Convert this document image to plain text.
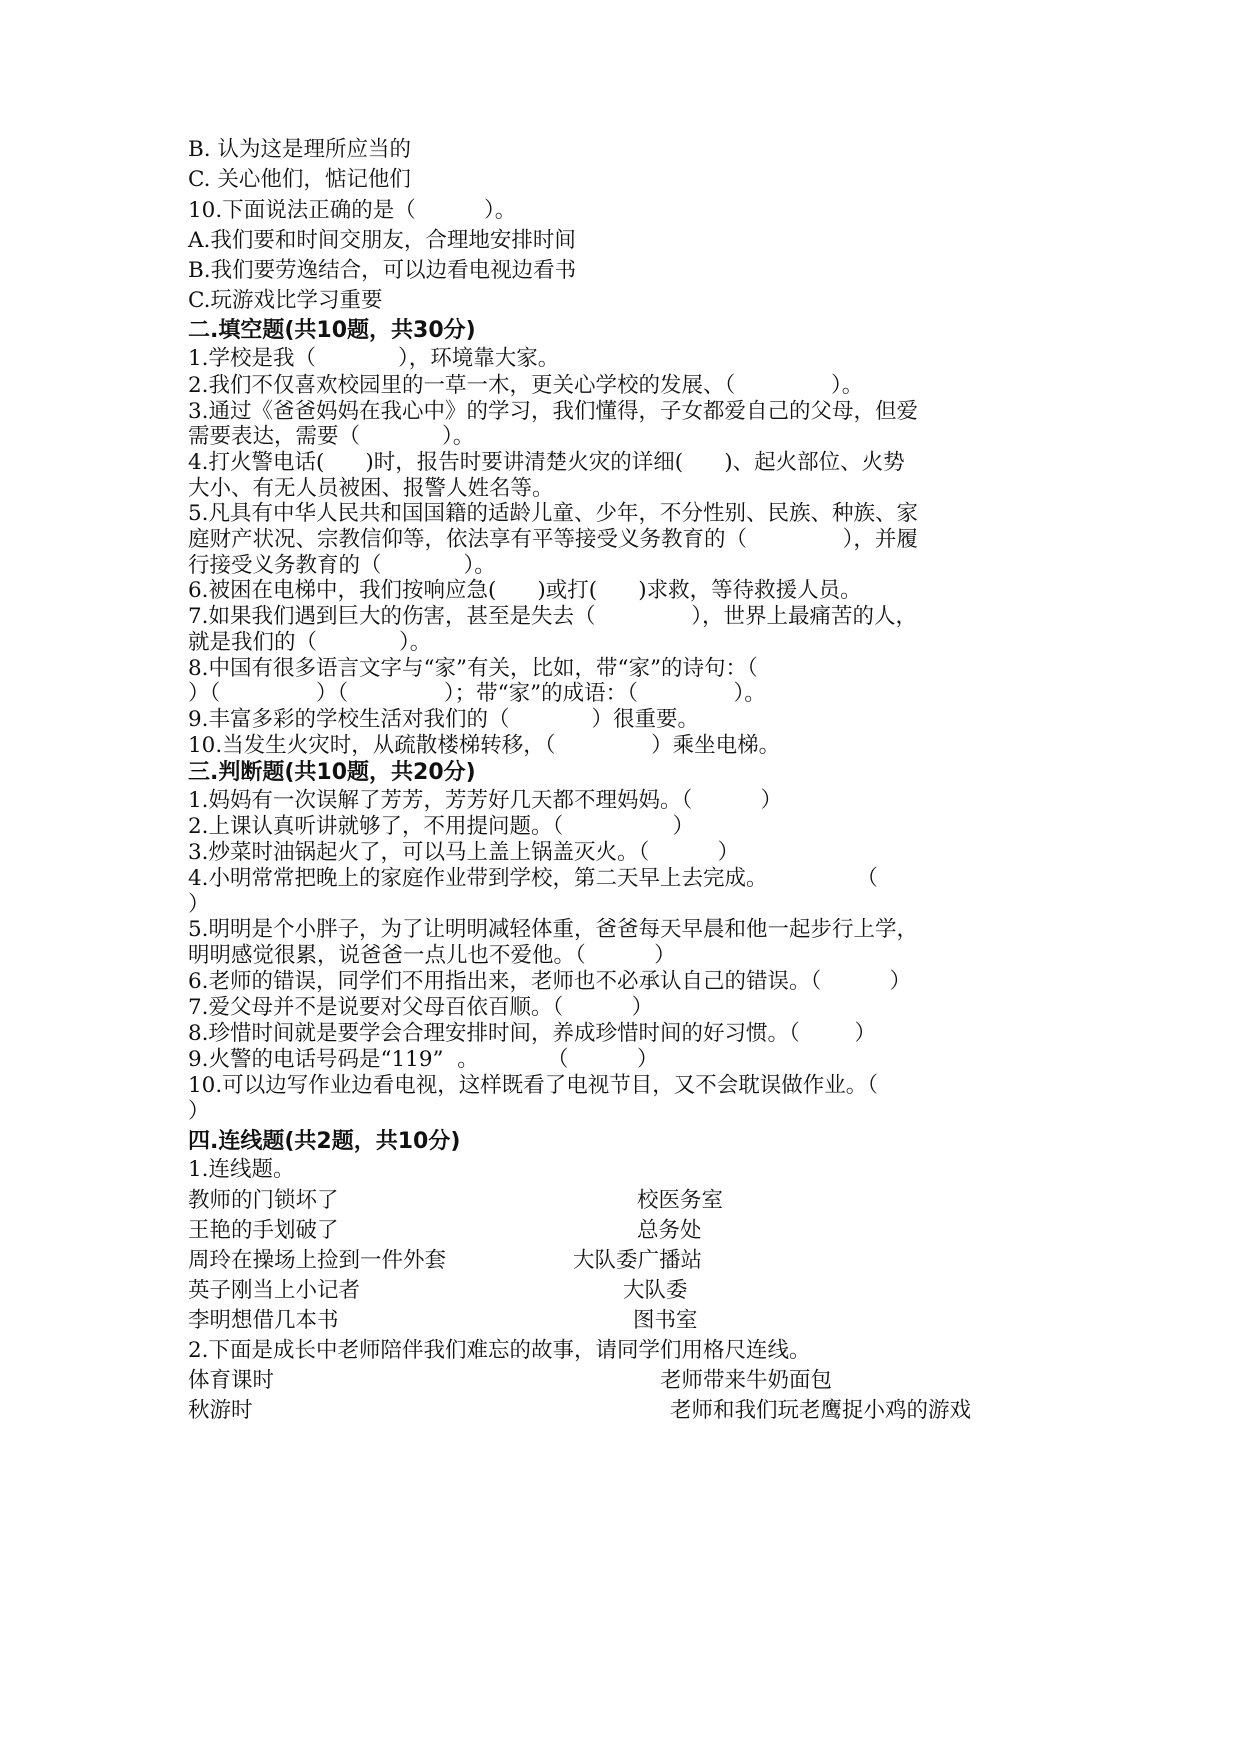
B. 认为这是理所应当的
C. 关心他们，惦记他们
10.下面说法正确的是（          ）。
A.我们要和时间交朋友，合理地安排时间
B.我们要劳逸结合，可以边看电视边看书
C.玩游戏比学习重要
二.填空题(共10题，共30分)
1.学校是我（            ），环境靠大家。
2.我们不仅喜欢校园里的一草一木，更关心学校的发展、（              ）。
3.通过《爸爸妈妈在我心中》的学习，我们懂得，子女都爱自己的父母，但爱
需要表达，需要（            ）。
4.打火警电话(      )时，报告时要讲清楚火灾的详细(      )、起火部位、火势
大小、有无人员被困、报警人姓名等。
5.凡具有中华人民共和国国籍的适龄儿童、少年，不分性别、民族、种族、家
庭财产状况、宗教信仰等，依法享有平等接受义务教育的（              ），并履
行接受义务教育的（            ）。
6.被困在电梯中，我们按响应急(      )或打(      )求救，等待救援人员。
7.如果我们遇到巨大的伤害，甚至是失去（              ），世界上最痛苦的人，
就是我们的（            ）。
8.中国有很多语言文字与“家”有关，比如，带“家”的诗句：（
）（              ）（              ）；带“家”的成语：（              ）。
9.丰富多彩的学校生活对我们的（            ）很重要。
10.当发生火灾时，从疏散楼梯转移，（              ）乘坐电梯。
三.判断题(共10题，共20分)
1.妈妈有一次误解了芳芳，芳芳好几天都不理妈妈。（          ）
2.上课认真听讲就够了，不用提问题。（                ）
3.炒菜时油锅起火了，可以马上盖上锅盖灭火。（          ）
4.小明常常把晚上的家庭作业带到学校，第二天早上去完成。             （
）
5.明明是个小胖子，为了让明明减轻体重，爸爸每天早晨和他一起步行上学，
明明感觉很累，说爸爸一点儿也不爱他。（          ）
6.老师的错误，同学们不用指出来，老师也不必承认自己的错误。（          ）
7.爱父母并不是说要对父母百依百顺。（          ）
8.珍惜时间就是要学会合理安排时间，养成珍惜时间的好习惯。（        ）
9.火警的电话号码是“119”  。          （          ）
10.可以边写作业边看电视，这样既看了电视节目，又不会耽误做作业。（
）
四.连线题(共2题，共10分)
1.连线题。
教师的门锁坏了	校医务室
王艳的手划破了	总务处
周玲在操场上捡到一件外套	大队委广播站
英子刚当上小记者	大队委
李明想借几本书	图书室
2.下面是成长中老师陪伴我们难忘的故事，请同学们用格尺连线。
体育课时	老师带来牛奶面包
秋游时	老师和我们玩老鹰捉小鸡的游戏
